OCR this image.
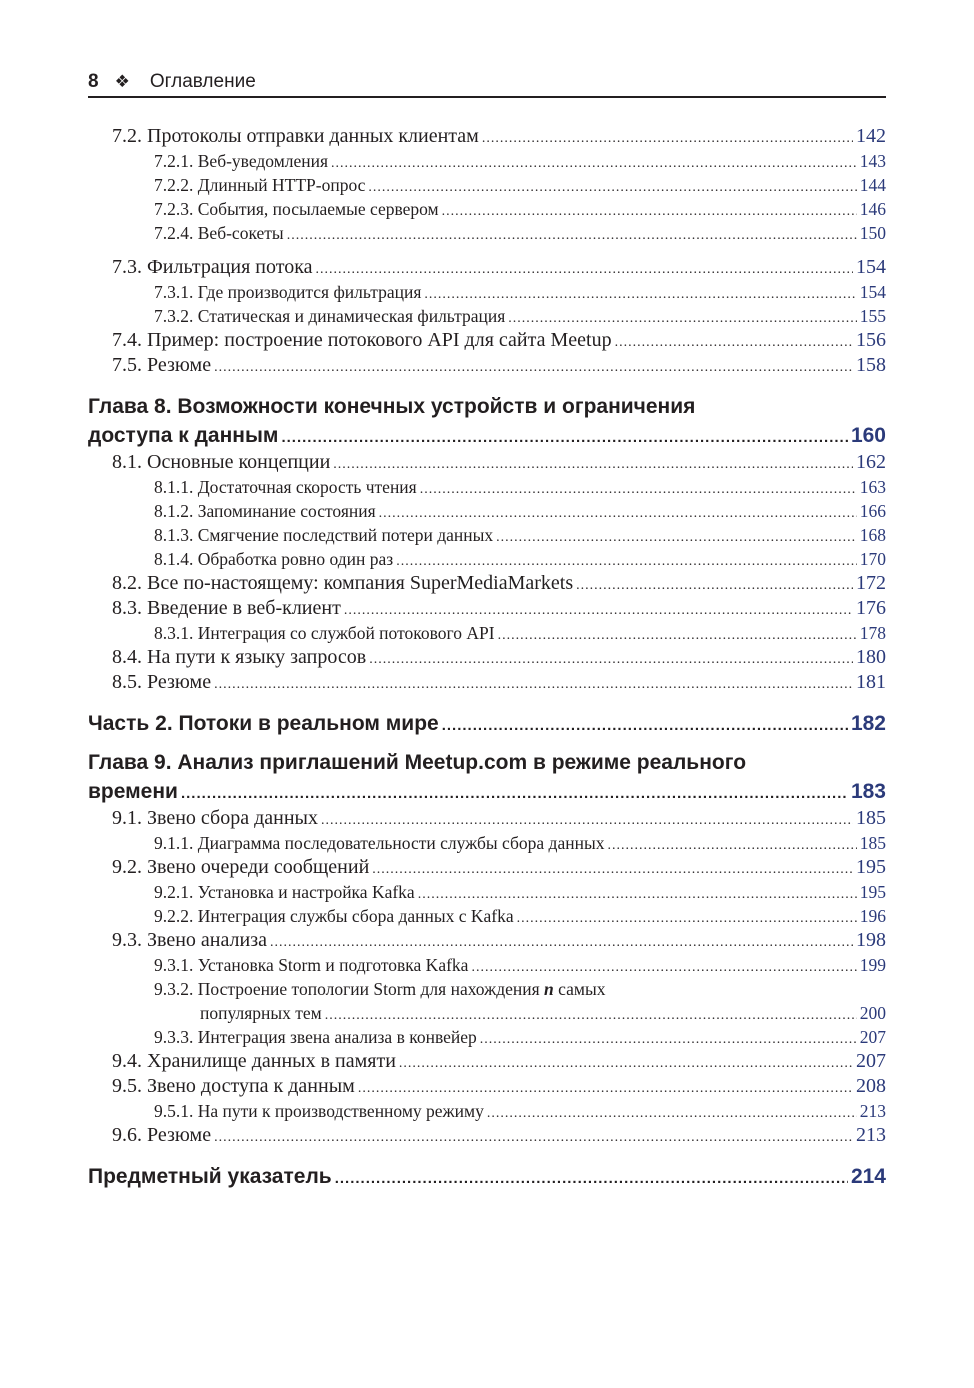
8 ❖ Оглавление
7.2. Протоколы отправки данных клиентам .....	142
7.2.1. Веб-уведомления .....	143
7.2.2. Длинный HTTP-опрос .....	144
7.2.3. События, посылаемые сервером .....	146
7.2.4. Веб-сокеты .....	150
7.3. Фильтрация потока .....	154
7.3.1. Где производится фильтрация .....	154
7.3.2. Статическая и динамическая фильтрация .....	155
7.4. Пример: построение потокового API для сайта Meetup .....	156
7.5. Резюме .....	158
Глава 8. Возможности конечных устройств и ограничения
доступа к данным .....	160
8.1. Основные концепции .....	162
8.1.1. Достаточная скорость чтения .....	163
8.1.2. Запоминание состояния .....	166
8.1.3. Смягчение последствий потери данных .....	168
8.1.4. Обработка ровно один раз .....	170
8.2. Все по-настоящему: компания SuperMediaMarkets .....	172
8.3. Введение в веб-клиент .....	176
8.3.1. Интеграция со службой потокового API .....	178
8.4. На пути к языку запросов .....	180
8.5. Резюме .....	181
Часть 2. Потоки в реальном мире .....	182
Глава 9. Анализ приглашений Meetup.com в режиме реального
времени .....	183
9.1. Звено сбора данных .....	185
9.1.1. Диаграмма последовательности службы сбора данных .....	185
9.2. Звено очереди сообщений .....	195
9.2.1. Установка и настройка Kafka .....	195
9.2.2. Интеграция службы сбора данных с Kafka .....	196
9.3. Звено анализа .....	198
9.3.1. Установка Storm и подготовка Kafka .....	199
9.3.2. Построение топологии Storm для нахождения n самых
популярных тем .....	200
9.3.3. Интеграция звена анализа в конвейер .....	207
9.4. Хранилище данных в памяти .....	207
9.5. Звено доступа к данным .....	208
9.5.1. На пути к производственному режиму .....	213
9.6. Резюме .....	213
Предметный указатель .....	214
